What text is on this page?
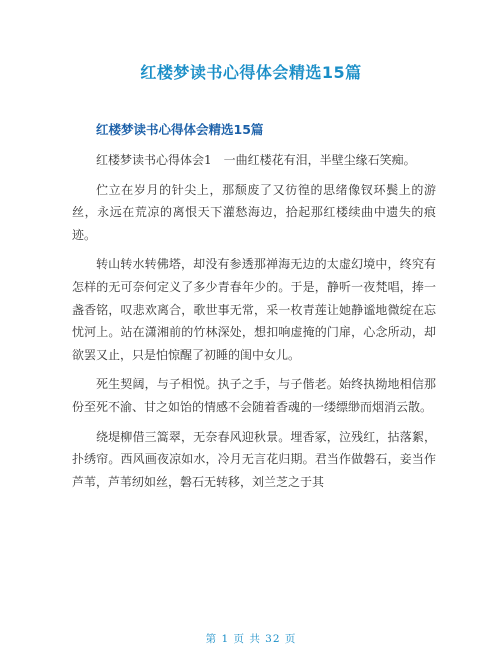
红楼梦读书心得体会精选15篇
红楼梦读书心得体会精选15篇

红楼梦读书心得体会1　一曲红楼花有泪，半壁尘缘石笑痴。

伫立在岁月的针尖上，那颓废了又彷徨的思绪像钗环鬓上的游丝，永远在荒凉的离恨天下灌愁海边，拾起那红楼续曲中遗失的痕迹。

转山转水转佛塔，却没有参透那禅海无边的太虚幻境中，终究有怎样的无可奈何定义了多少青春年少的。于是，静听一夜梵唱，捧一盏香铭，叹悲欢离合，歌世事无常，采一枚青莲让她静谧地微绽在忘忧河上。站在潇湘前的竹林深处，想扣响虚掩的门扉，心念所动，却欲罢又止，只是怕惊醒了初睡的闺中女儿。

死生契阔，与子相悦。执子之手，与子偕老。始终执拗地相信那份至死不渝、甘之如饴的情感不会随着香魂的一缕缥缈而烟消云散。

绕堤柳借三篙翠，无奈春风迎秋景。埋香冢，泣残红，拈落絮，扑绣帘。西风画夜凉如水，冷月无言花归期。君当作做磐石，妾当作芦苇，芦苇纫如丝，磐石无转移，刘兰芝之于其

第 1 页 共 32 页
